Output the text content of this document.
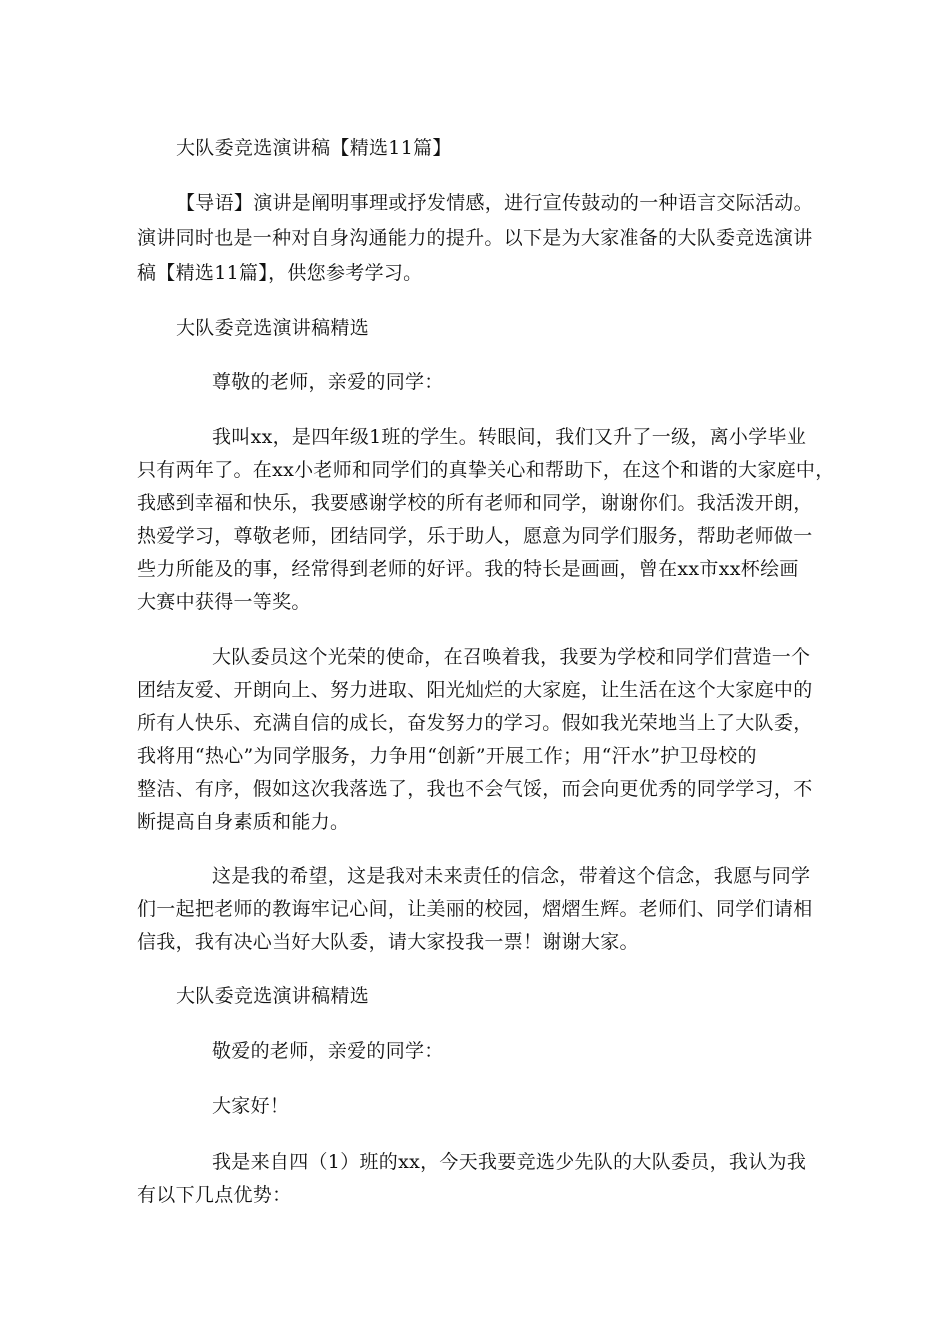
大队委竞选演讲稿【精选11篇】
【导语】演讲是阐明事理或抒发情感，进行宣传鼓动的一种语言交际活动。
演讲同时也是一种对自身沟通能力的提升。以下是为大家准备的大队委竞选演讲
稿【精选11篇】，供您参考学习。
大队委竞选演讲稿精选
尊敬的老师，亲爱的同学：
我叫xx，是四年级1班的学生。转眼间，我们又升了一级，离小学毕业
只有两年了。在xx小老师和同学们的真挚关心和帮助下，在这个和谐的大家庭中，
我感到幸福和快乐，我要感谢学校的所有老师和同学，谢谢你们。我活泼开朗，
热爱学习，尊敬老师，团结同学，乐于助人，愿意为同学们服务，帮助老师做一
些力所能及的事，经常得到老师的好评。我的特长是画画，曾在xx市xx杯绘画
大赛中获得一等奖。
大队委员这个光荣的使命，在召唤着我，我要为学校和同学们营造一个
团结友爱、开朗向上、努力进取、阳光灿烂的大家庭，让生活在这个大家庭中的
所有人快乐、充满自信的成长，奋发努力的学习。假如我光荣地当上了大队委，
我将用“热心”为同学服务，力争用“创新”开展工作；用“汗水”护卫母校的
整洁、有序，假如这次我落选了，我也不会气馁，而会向更优秀的同学学习，不
断提高自身素质和能力。
这是我的希望，这是我对未来责任的信念，带着这个信念，我愿与同学
们一起把老师的教诲牢记心间，让美丽的校园，熠熠生辉。老师们、同学们请相
信我，我有决心当好大队委，请大家投我一票！谢谢大家。
大队委竞选演讲稿精选
敬爱的老师，亲爱的同学：
大家好！
我是来自四（1）班的xx，今天我要竞选少先队的大队委员，我认为我
有以下几点优势：
